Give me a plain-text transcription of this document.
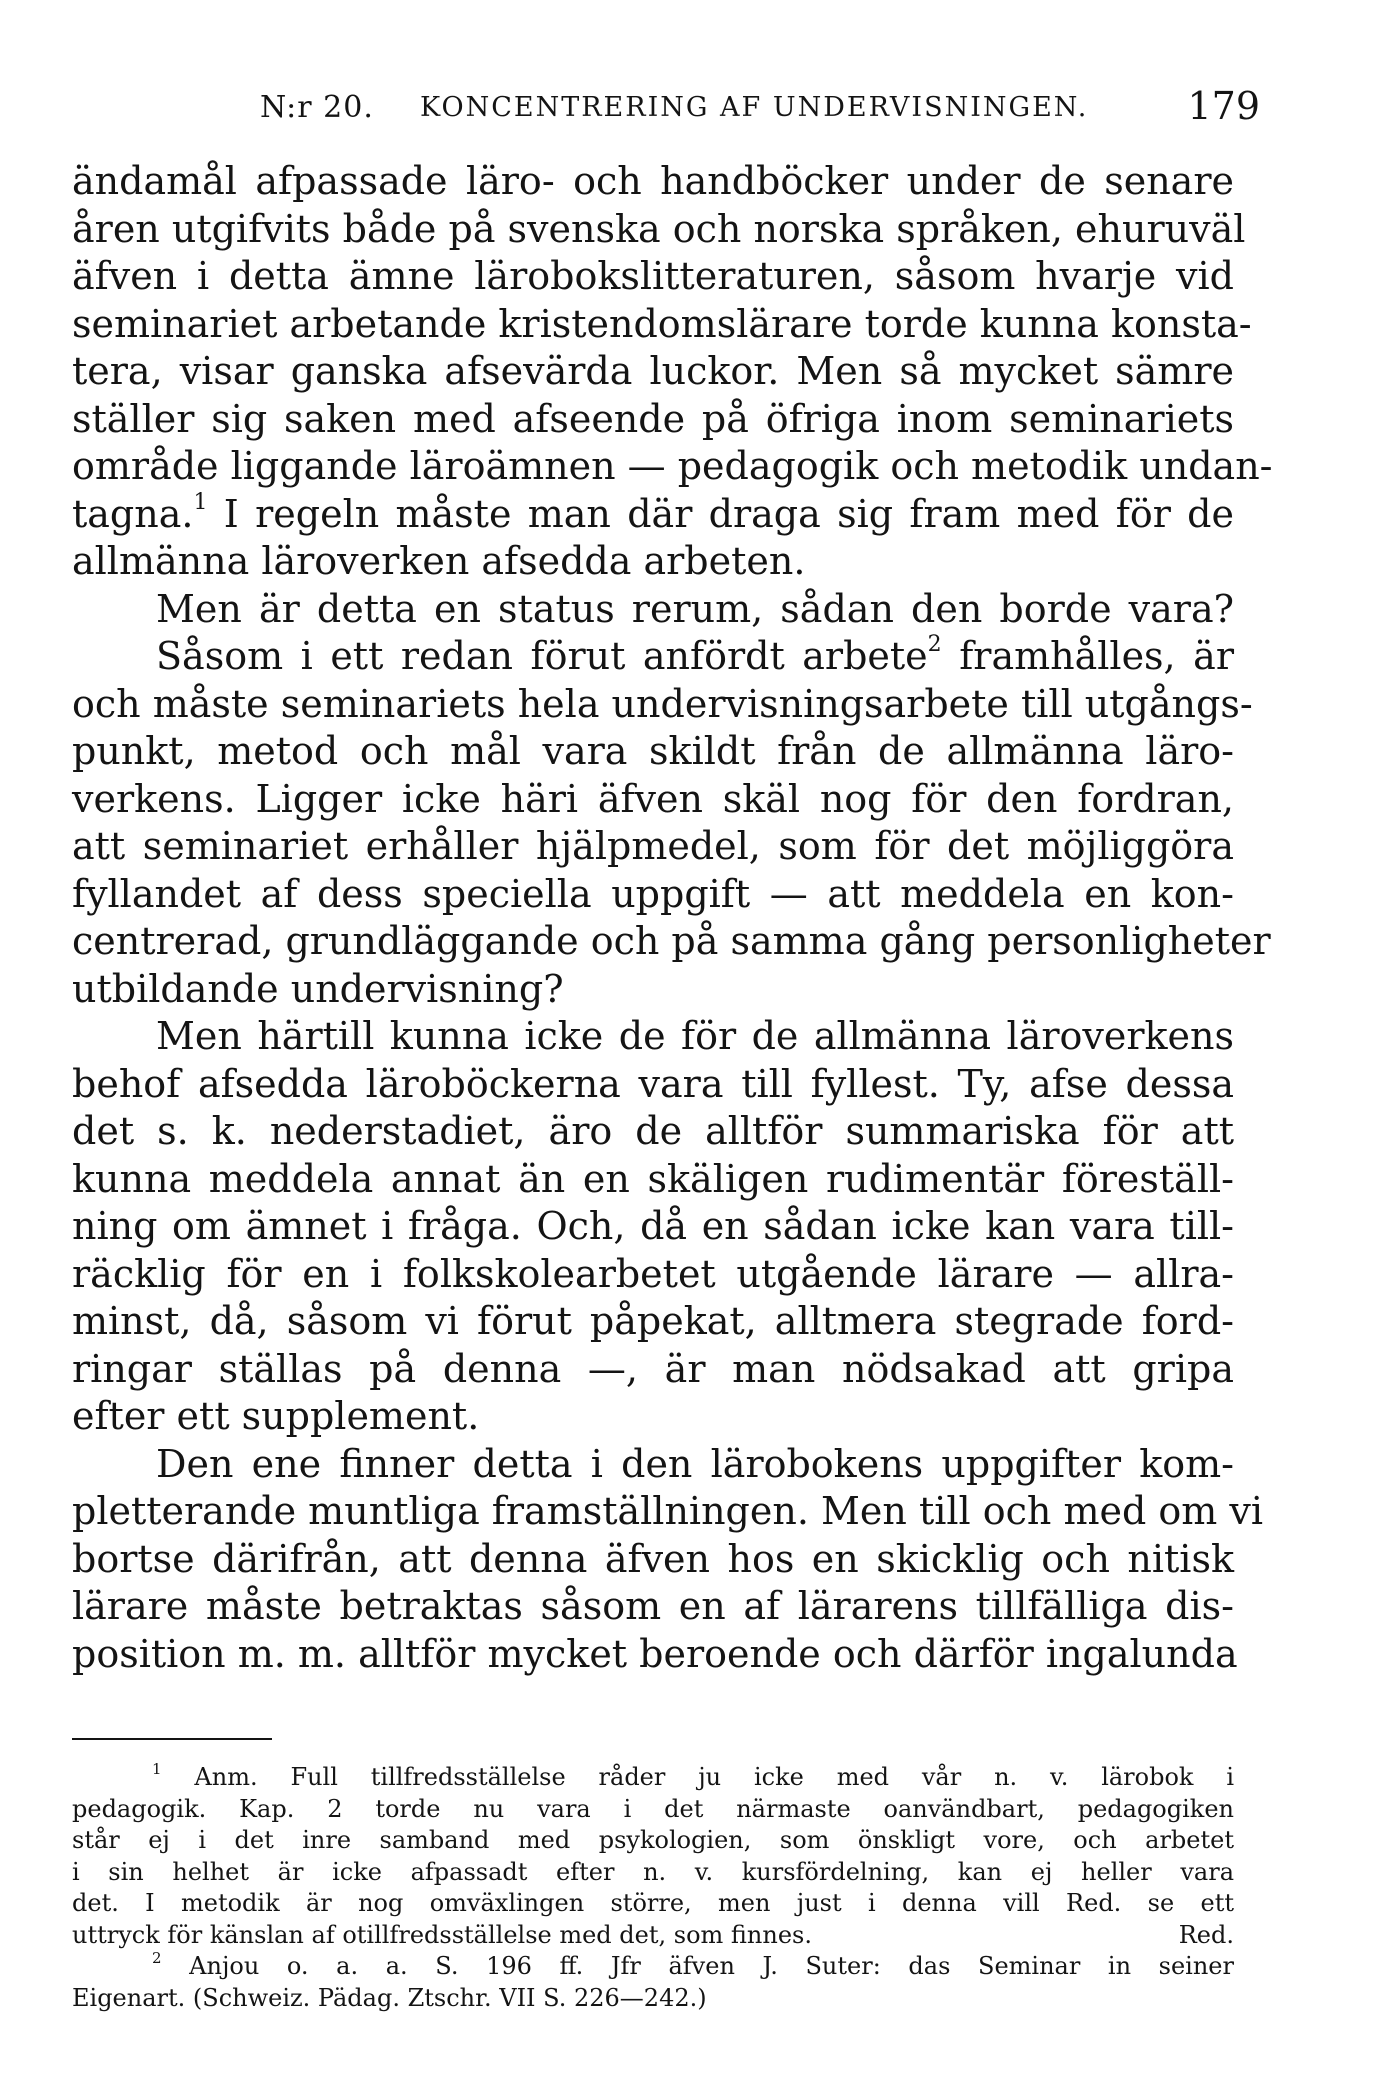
N:r 20. KONCENTRERING AF UNDERVISNINGEN.	179
ändamål afpassade läro- och handböcker under de senare
åren utgifvits både på svenska och norska språken, ehuruväl
äfven i detta ämne lärobokslitteraturen, såsom hvarje vid
seminariet arbetande kristendomslärare torde kunna konsta-
tera, visar ganska afsevärda luckor. Men så mycket sämre
ställer sig saken med afseende på öfriga inom seminariets
område liggande läroämnen — pedagogik och metodik undan-
tagna.$^1$ I regeln måste man där draga sig fram med för de
allmänna läroverken afsedda arbeten.
Men är detta en status rerum, sådan den borde vara?
Såsom i ett redan förut anfördt arbete$^2$ framhålles, är
och måste seminariets hela undervisningsarbete till utgångs-
punkt, metod och mål vara skildt från de allmänna läro-
verkens. Ligger icke häri äfven skäl nog för den fordran,
att seminariet erhåller hjälpmedel, som för det möjliggöra
fyllandet af dess speciella uppgift — att meddela en kon-
centrerad, grundläggande och på samma gång personligheter
utbildande undervisning?
Men härtill kunna icke de för de allmänna läroverkens
behof afsedda läroböckerna vara till fyllest. Ty, afse dessa
det s. k. nederstadiet, äro de alltför summariska för att
kunna meddela annat än en skäligen rudimentär föreställ-
ning om ämnet i fråga. Och, då en sådan icke kan vara till-
räcklig för en i folkskolearbetet utgående lärare — allra-
minst, då, såsom vi förut påpekat, alltmera stegrade ford-
ringar ställas på denna —, är man nödsakad att gripa
efter ett supplement.
Den ene finner detta i den lärobokens uppgifter kom-
pletterande muntliga framställningen. Men till och med om vi
bortse därifrån, att denna äfven hos en skicklig och nitisk
lärare måste betraktas såsom en af lärarens tillfälliga dis-
position m. m. alltför mycket beroende och därför ingalunda
$^1$ Anm. Full tillfredsställelse råder ju icke med vår n. v. lärobok i
pedagogik. Kap. 2 torde nu vara i det närmaste oanvändbart, pedagogiken
står ej i det inre samband med psykologien, som önskligt vore, och arbetet
i sin helhet är icke afpassadt efter n. v. kursfördelning, kan ej heller vara
det. I metodik är nog omväxlingen större, men just i denna vill Red. se ett
uttryck för känslan af otillfredsställelse med det, som finnes.	Red.
$^2$ Anjou o. a. a. S. 196 ff. Jfr äfven J. Suter: das Seminar in seiner
Eigenart. (Schweiz. Pädag. Ztschr. VII S. 226—242.)
